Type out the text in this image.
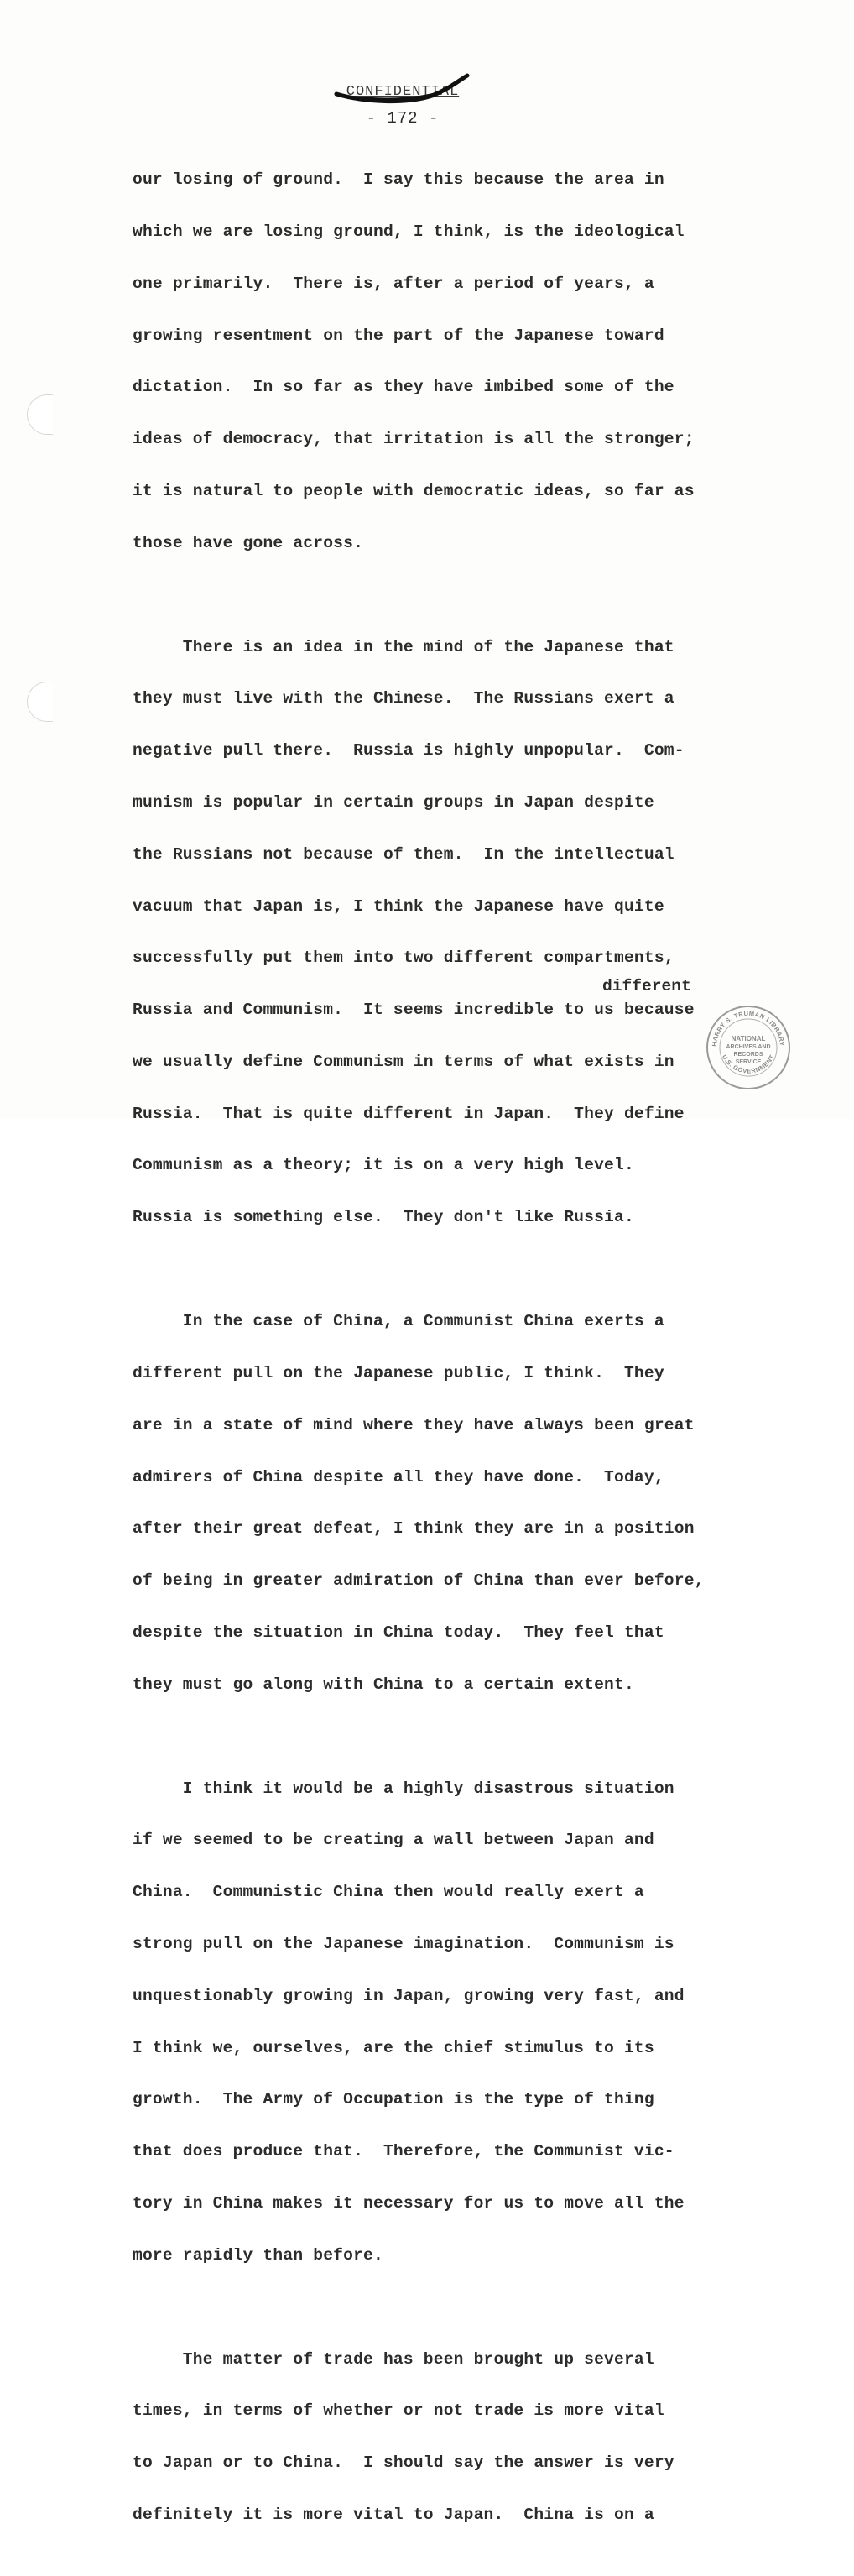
CONFIDENTIAL
- 172 -

our losing of ground.  I say this because the area in

which we are losing ground, I think, is the ideological

one primarily.  There is, after a period of years, a

growing resentment on the part of the Japanese toward

dictation.  In so far as they have imbibed some of the

ideas of democracy, that irritation is all the stronger;

it is natural to people with democratic ideas, so far as

those have gone across.

There is an idea in the mind of the Japanese that

they must live with the Chinese.  The Russians exert a

negative pull there.  Russia is highly unpopular.  Com-

munism is popular in certain groups in Japan despite

the Russians not because of them.  In the intellectual

vacuum that Japan is, I think the Japanese have quite

successfully put them into two different compartments,

Russia and Communism.  It seems incredible to us because

we usually define Communism in terms of what exists in

Russia.  That is quite different in Japan.  They define

Communism as a theory; it is on a very high level.

Russia is something else.  They don't like Russia.

In the case of China, a Communist China exerts a

different pull on the Japanese public, I think.  They

are in a state of mind where they have always been great

admirers of China despite all they have done.  Today,

after their great defeat, I think they are in a position

of being in greater admiration of China than ever before,

despite the situation in China today.  They feel that

they must go along with China to a certain extent.

I think it would be a highly disastrous situation

if we seemed to be creating a wall between Japan and

China.  Communistic China then would really exert a

strong pull on the Japanese imagination.  Communism is

unquestionably growing in Japan, growing very fast, and

I think we, ourselves, are the chief stimulus to its

growth.  The Army of Occupation is the type of thing

that does produce that.  Therefore, the Communist vic-

tory in China makes it necessary for us to move all the

more rapidly than before.

The matter of trade has been brought up several

times, in terms of whether or not trade is more vital

to Japan or to China.  I should say the answer is very

definitely it is more vital to Japan.  China is on a

different
NATIONAL
ARCHIVES AND
RECORDS
SERVICE
HARRY S. TRUMAN LIBRARY
U.S. GOVERNMENT
